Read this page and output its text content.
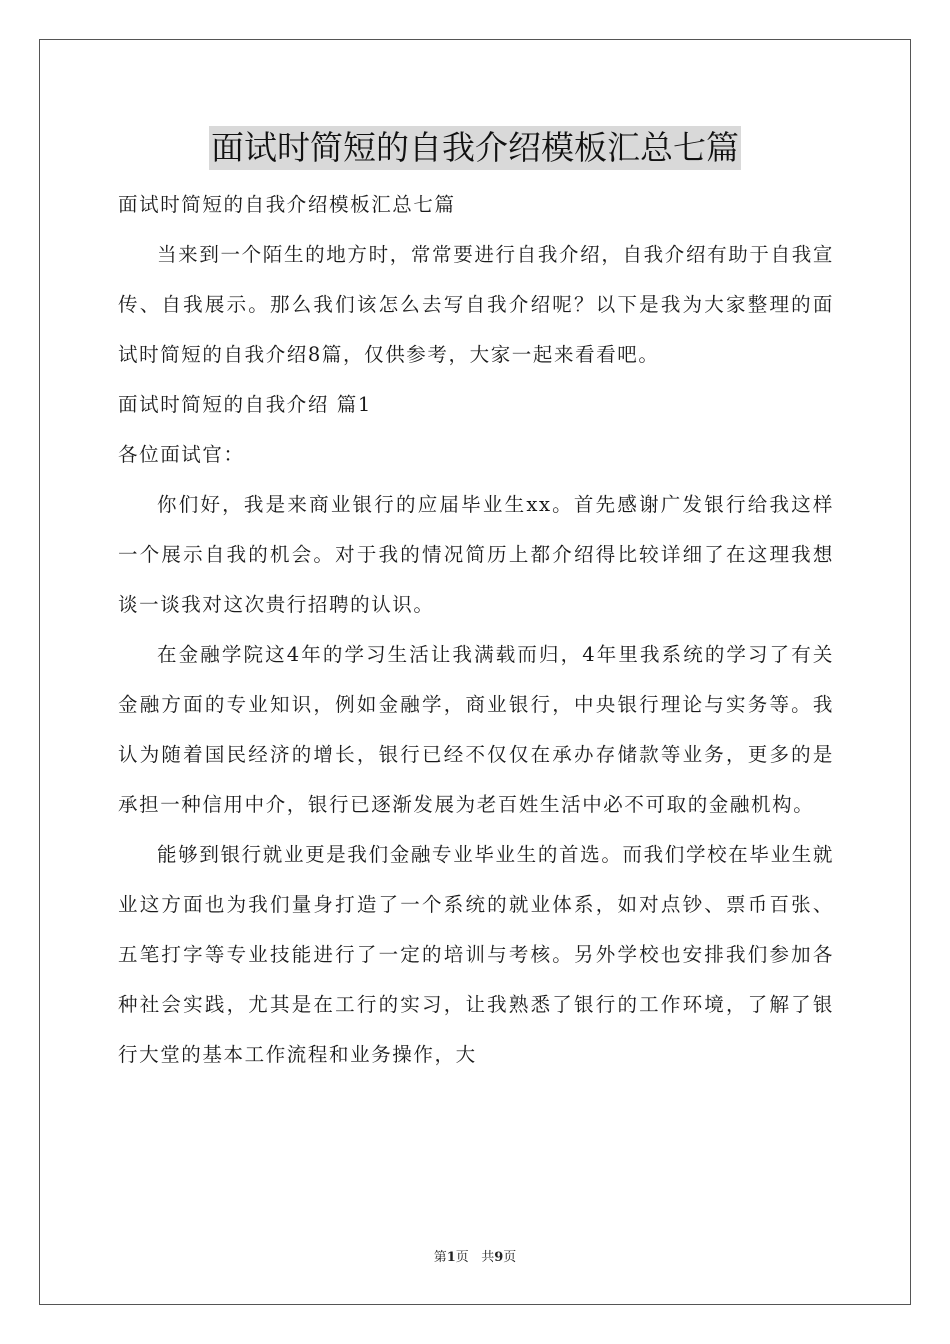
面试时简短的自我介绍模板汇总七篇

面试时简短的自我介绍模板汇总七篇

当来到一个陌生的地方时，常常要进行自我介绍，自我介绍有助于自我宣传、自我展示。那么我们该怎么去写自我介绍呢？以下是我为大家整理的面试时简短的自我介绍8篇，仅供参考，大家一起来看看吧。

面试时简短的自我介绍 篇1

各位面试官：

你们好，我是来商业银行的应届毕业生xx。首先感谢广发银行给我这样一个展示自我的机会。对于我的情况简历上都介绍得比较详细了在这理我想谈一谈我对这次贵行招聘的认识。

在金融学院这4年的学习生活让我满载而归，4年里我系统的学习了有关金融方面的专业知识，例如金融学，商业银行，中央银行理论与实务等。我认为随着国民经济的增长，银行已经不仅仅在承办存储款等业务，更多的是承担一种信用中介，银行已逐渐发展为老百姓生活中必不可取的金融机构。

能够到银行就业更是我们金融专业毕业生的首选。而我们学校在毕业生就业这方面也为我们量身打造了一个系统的就业体系，如对点钞、票币百张、五笔打字等专业技能进行了一定的培训与考核。另外学校也安排我们参加各种社会实践，尤其是在工行的实习，让我熟悉了银行的工作环境，了解了银行大堂的基本工作流程和业务操作，大

第1页 共9页
